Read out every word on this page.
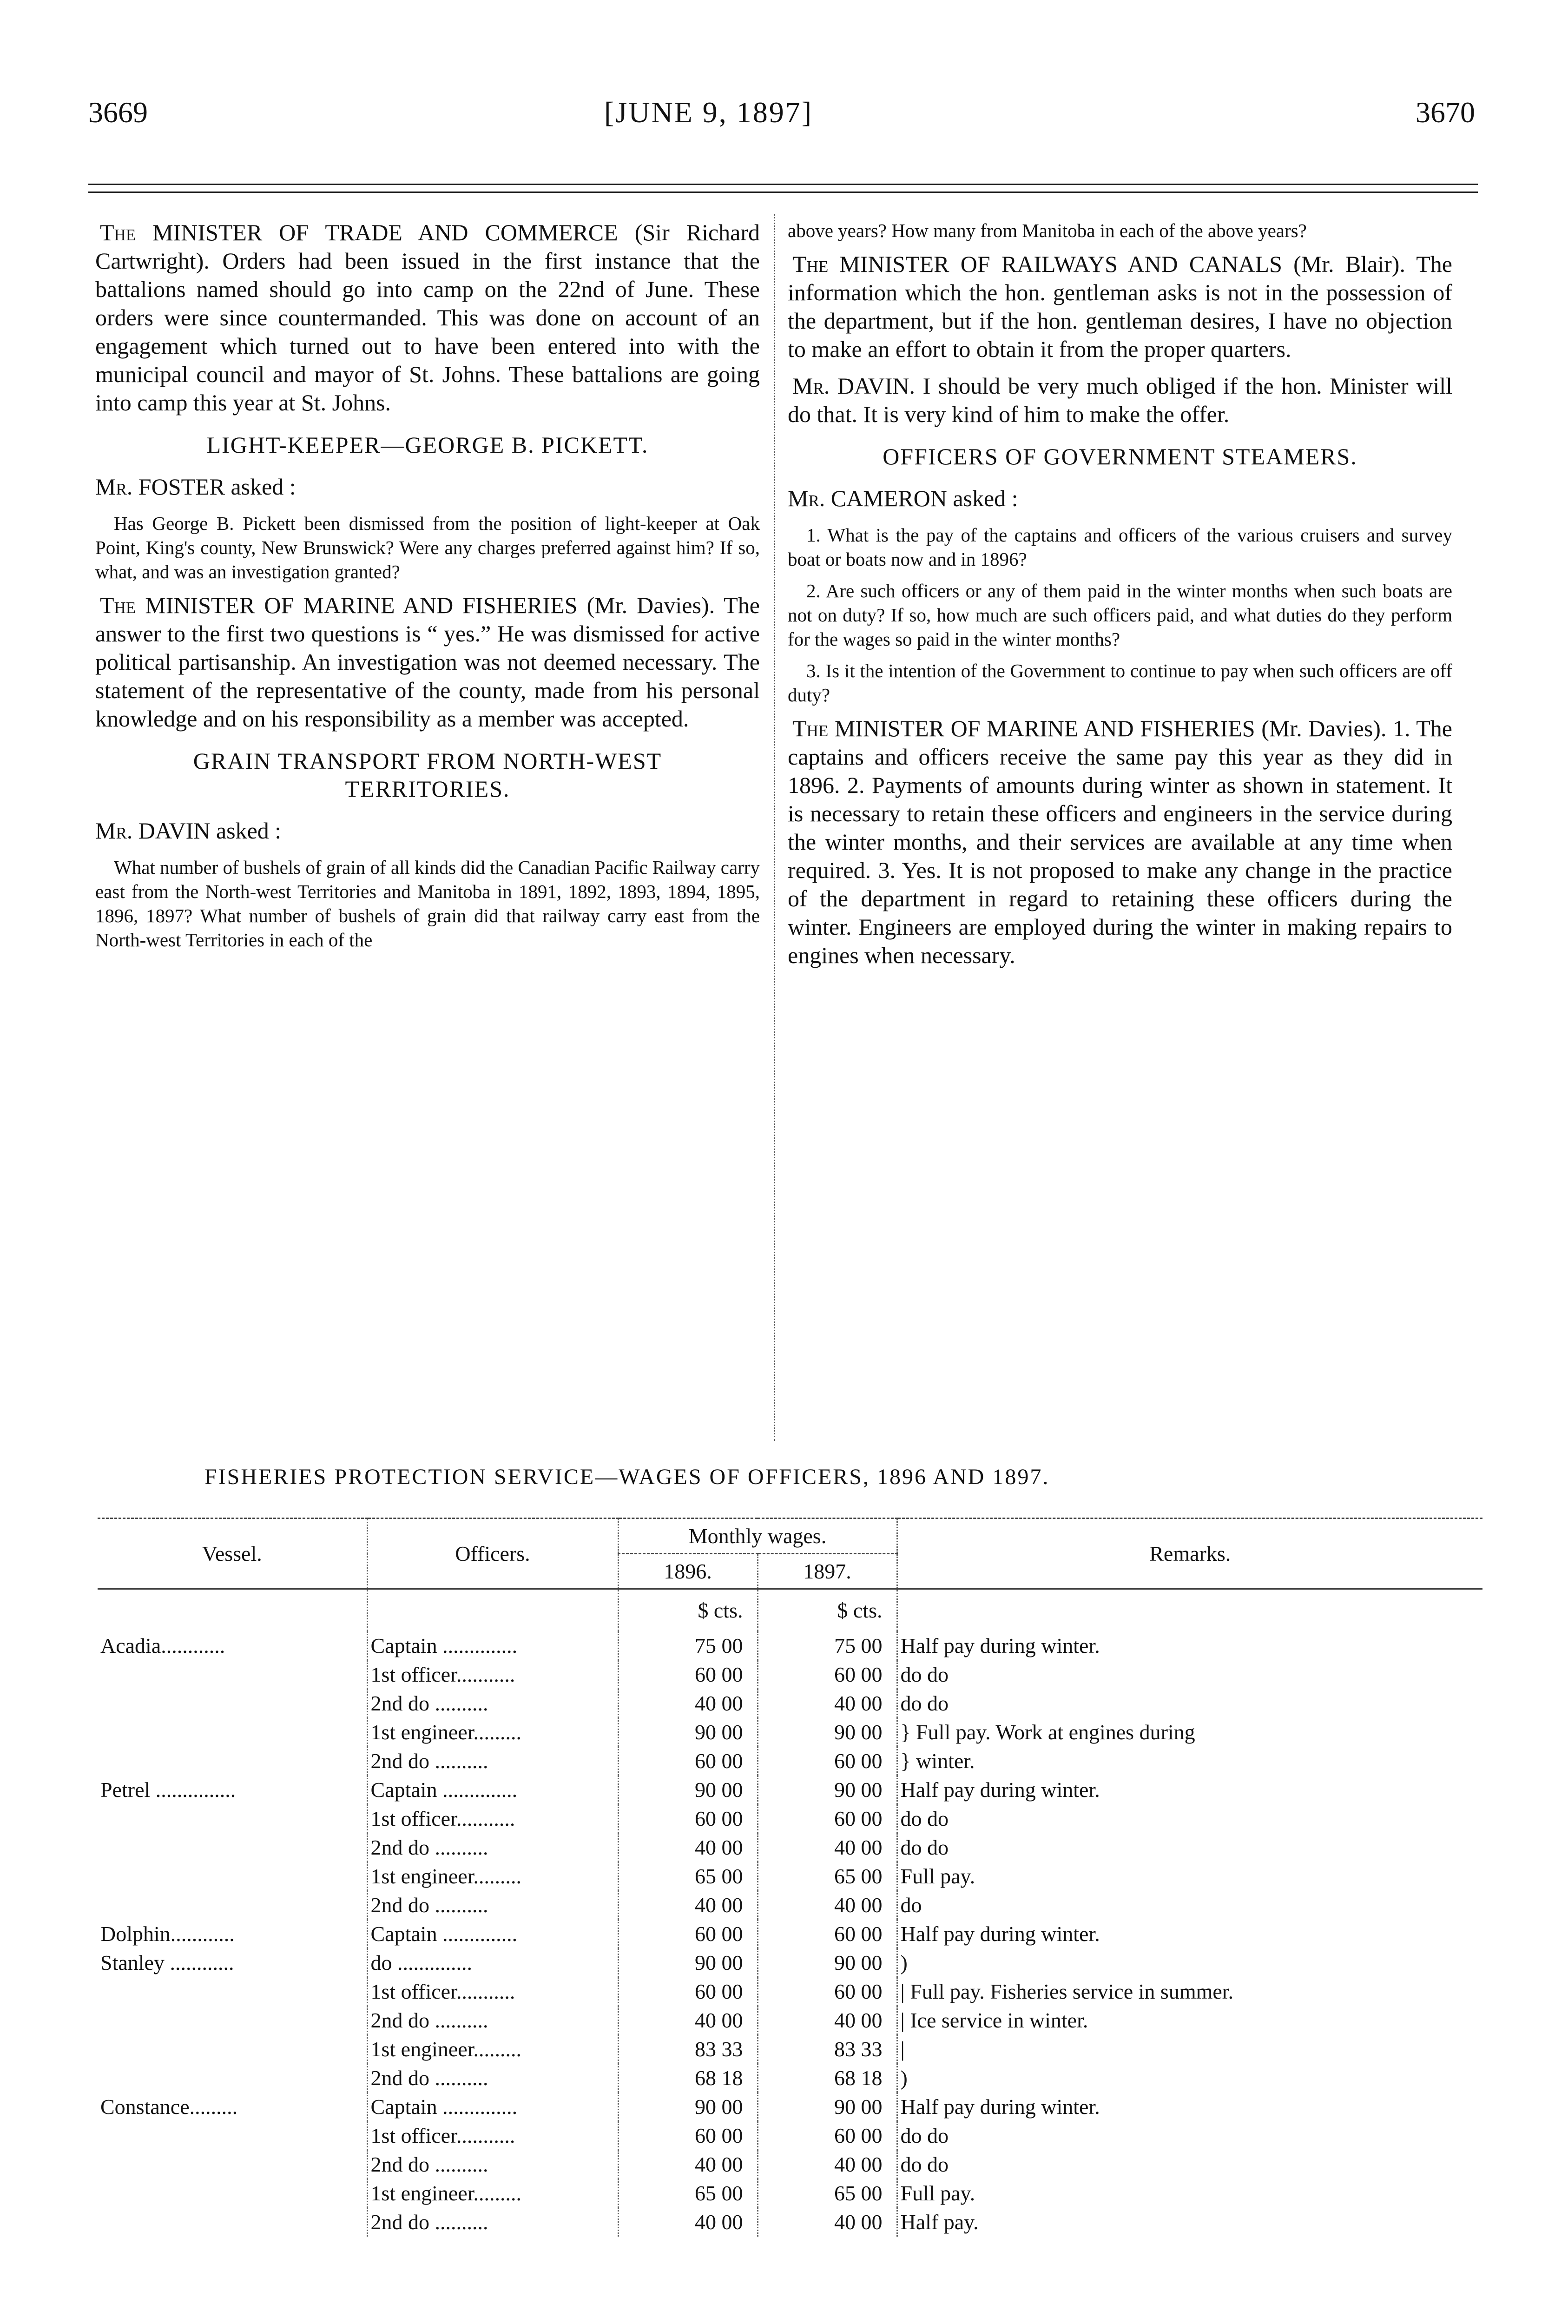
3669	[JUNE 9, 1897]	3670

The MINISTER OF TRADE AND COMMERCE (Sir Richard Cartwright). Orders had been issued in the first instance that the battalions named should go into camp on the 22nd of June. These orders were since countermanded. This was done on account of an engagement which turned out to have been entered into with the municipal council and mayor of St. Johns. These battalions are going into camp this year at St. Johns.

LIGHT-KEEPER—GEORGE B. PICKETT.

Mr. FOSTER asked :

Has George B. Pickett been dismissed from the position of light-keeper at Oak Point, King's county, New Brunswick? Were any charges preferred against him? If so, what, and was an investigation granted?

The MINISTER OF MARINE AND FISHERIES (Mr. Davies). The answer to the first two questions is “ yes.” He was dismissed for active political partisanship. An investigation was not deemed necessary. The statement of the representative of the county, made from his personal knowledge and on his responsibility as a member was accepted.

GRAIN TRANSPORT FROM NORTH-WEST TERRITORIES.

Mr. DAVIN asked :

What number of bushels of grain of all kinds did the Canadian Pacific Railway carry east from the North-west Territories and Manitoba in 1891, 1892, 1893, 1894, 1895, 1896, 1897? What number of bushels of grain did that railway carry east from the North-west Territories in each of the

above years? How many from Manitoba in each of the above years?

The MINISTER OF RAILWAYS AND CANALS (Mr. Blair). The information which the hon. gentleman asks is not in the possession of the department, but if the hon. gentleman desires, I have no objection to make an effort to obtain it from the proper quarters.

Mr. DAVIN. I should be very much obliged if the hon. Minister will do that. It is very kind of him to make the offer.

OFFICERS OF GOVERNMENT STEAMERS.

Mr. CAMERON asked :

1. What is the pay of the captains and officers of the various cruisers and survey boat or boats now and in 1896?

2. Are such officers or any of them paid in the winter months when such boats are not on duty? If so, how much are such officers paid, and what duties do they perform for the wages so paid in the winter months?

3. Is it the intention of the Government to continue to pay when such officers are off duty?

The MINISTER OF MARINE AND FISHERIES (Mr. Davies). 1. The captains and officers receive the same pay this year as they did in 1896. 2. Payments of amounts during winter as shown in statement. It is necessary to retain these officers and engineers in the service during the winter months, and their services are available at any time when required. 3. Yes. It is not proposed to make any change in the practice of the department in regard to retaining these officers during the winter. Engineers are employed during the winter in making repairs to engines when necessary.

FISHERIES PROTECTION SERVICE—WAGES OF OFFICERS, 1896 AND 1897.
Vessel.	Officers.	Monthly wages.		Remarks.
		1896.	1897.	
		$ cts.	$ cts.	
Acadia............	Captain ..............	75 00	75 00	Half pay during winter.
	1st officer...........	60 00	60 00	do do
	2nd do ..........	40 00	40 00	do do
	1st engineer.........	90 00	90 00	} Full pay. Work at engines during
	2nd do ..........	60 00	60 00	} winter.
Petrel ...............	Captain ..............	90 00	90 00	Half pay during winter.
	1st officer...........	60 00	60 00	do do
	2nd do ..........	40 00	40 00	do do
	1st engineer.........	65 00	65 00	Full pay.
	2nd do ..........	40 00	40 00	do
Dolphin............	Captain ..............	60 00	60 00	Half pay during winter.
Stanley ............	do ..............	90 00	90 00	)
	1st officer...........	60 00	60 00	| Full pay. Fisheries service in summer.
	2nd do ..........	40 00	40 00	| Ice service in winter.
	1st engineer.........	83 33	83 33	|
	2nd do ..........	68 18	68 18	)
Constance.........	Captain ..............	90 00	90 00	Half pay during winter.
	1st officer...........	60 00	60 00	do do
	2nd do ..........	40 00	40 00	do do
	1st engineer.........	65 00	65 00	Full pay.
	2nd do ..........	40 00	40 00	Half pay.
